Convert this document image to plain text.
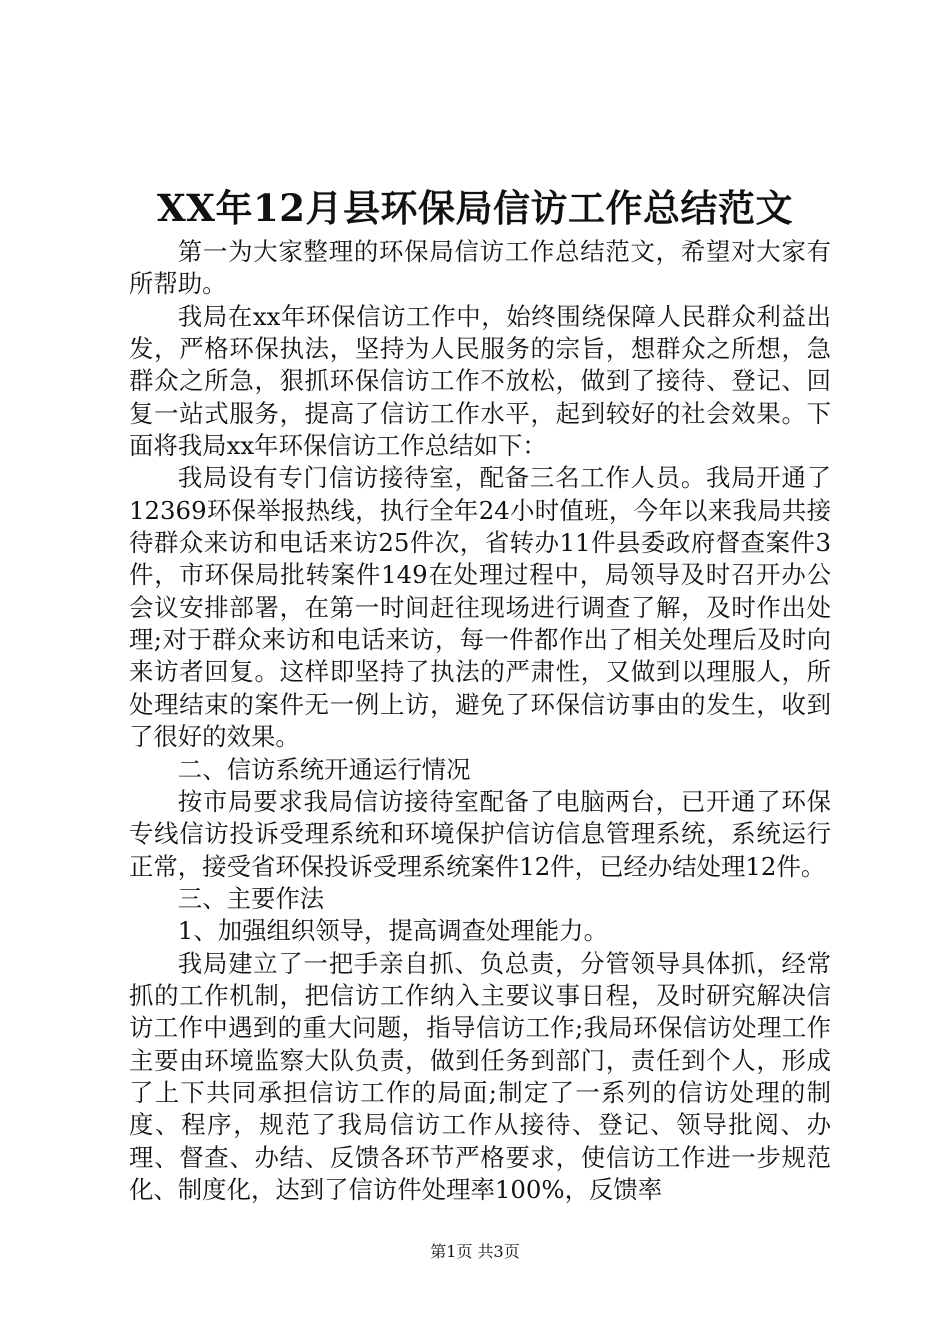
XX年12月县环保局信访工作总结范文

第一为大家整理的环保局信访工作总结范文，希望对大家有所帮助。

我局在xx年环保信访工作中，始终围绕保障人民群众利益出发，严格环保执法，坚持为人民服务的宗旨，想群众之所想，急群众之所急，狠抓环保信访工作不放松，做到了接待、登记、回复一站式服务，提高了信访工作水平，起到较好的社会效果。下面将我局xx年环保信访工作总结如下：

我局设有专门信访接待室，配备三名工作人员。我局开通了12369环保举报热线，执行全年24小时值班，今年以来我局共接待群众来访和电话来访25件次，省转办11件县委政府督查案件3件，市环保局批转案件149在处理过程中，局领导及时召开办公会议安排部署，在第一时间赶往现场进行调查了解，及时作出处理;对于群众来访和电话来访，每一件都作出了相关处理后及时向来访者回复。这样即坚持了执法的严肃性，又做到以理服人，所处理结束的案件无一例上访，避免了环保信访事由的发生，收到了很好的效果。

二、信访系统开通运行情况

按市局要求我局信访接待室配备了电脑两台，已开通了环保专线信访投诉受理系统和环境保护信访信息管理系统，系统运行正常，接受省环保投诉受理系统案件12件，已经办结处理12件。

三、主要作法

1、加强组织领导，提高调查处理能力。

我局建立了一把手亲自抓、负总责，分管领导具体抓，经常抓的工作机制，把信访工作纳入主要议事日程，及时研究解决信访工作中遇到的重大问题，指导信访工作;我局环保信访处理工作主要由环境监察大队负责，做到任务到部门，责任到个人，形成了上下共同承担信访工作的局面;制定了一系列的信访处理的制度、程序，规范了我局信访工作从接待、登记、领导批阅、办理、督查、办结、反馈各环节严格要求，使信访工作进一步规范化、制度化，达到了信访件处理率100%，反馈率

第1页 共3页
